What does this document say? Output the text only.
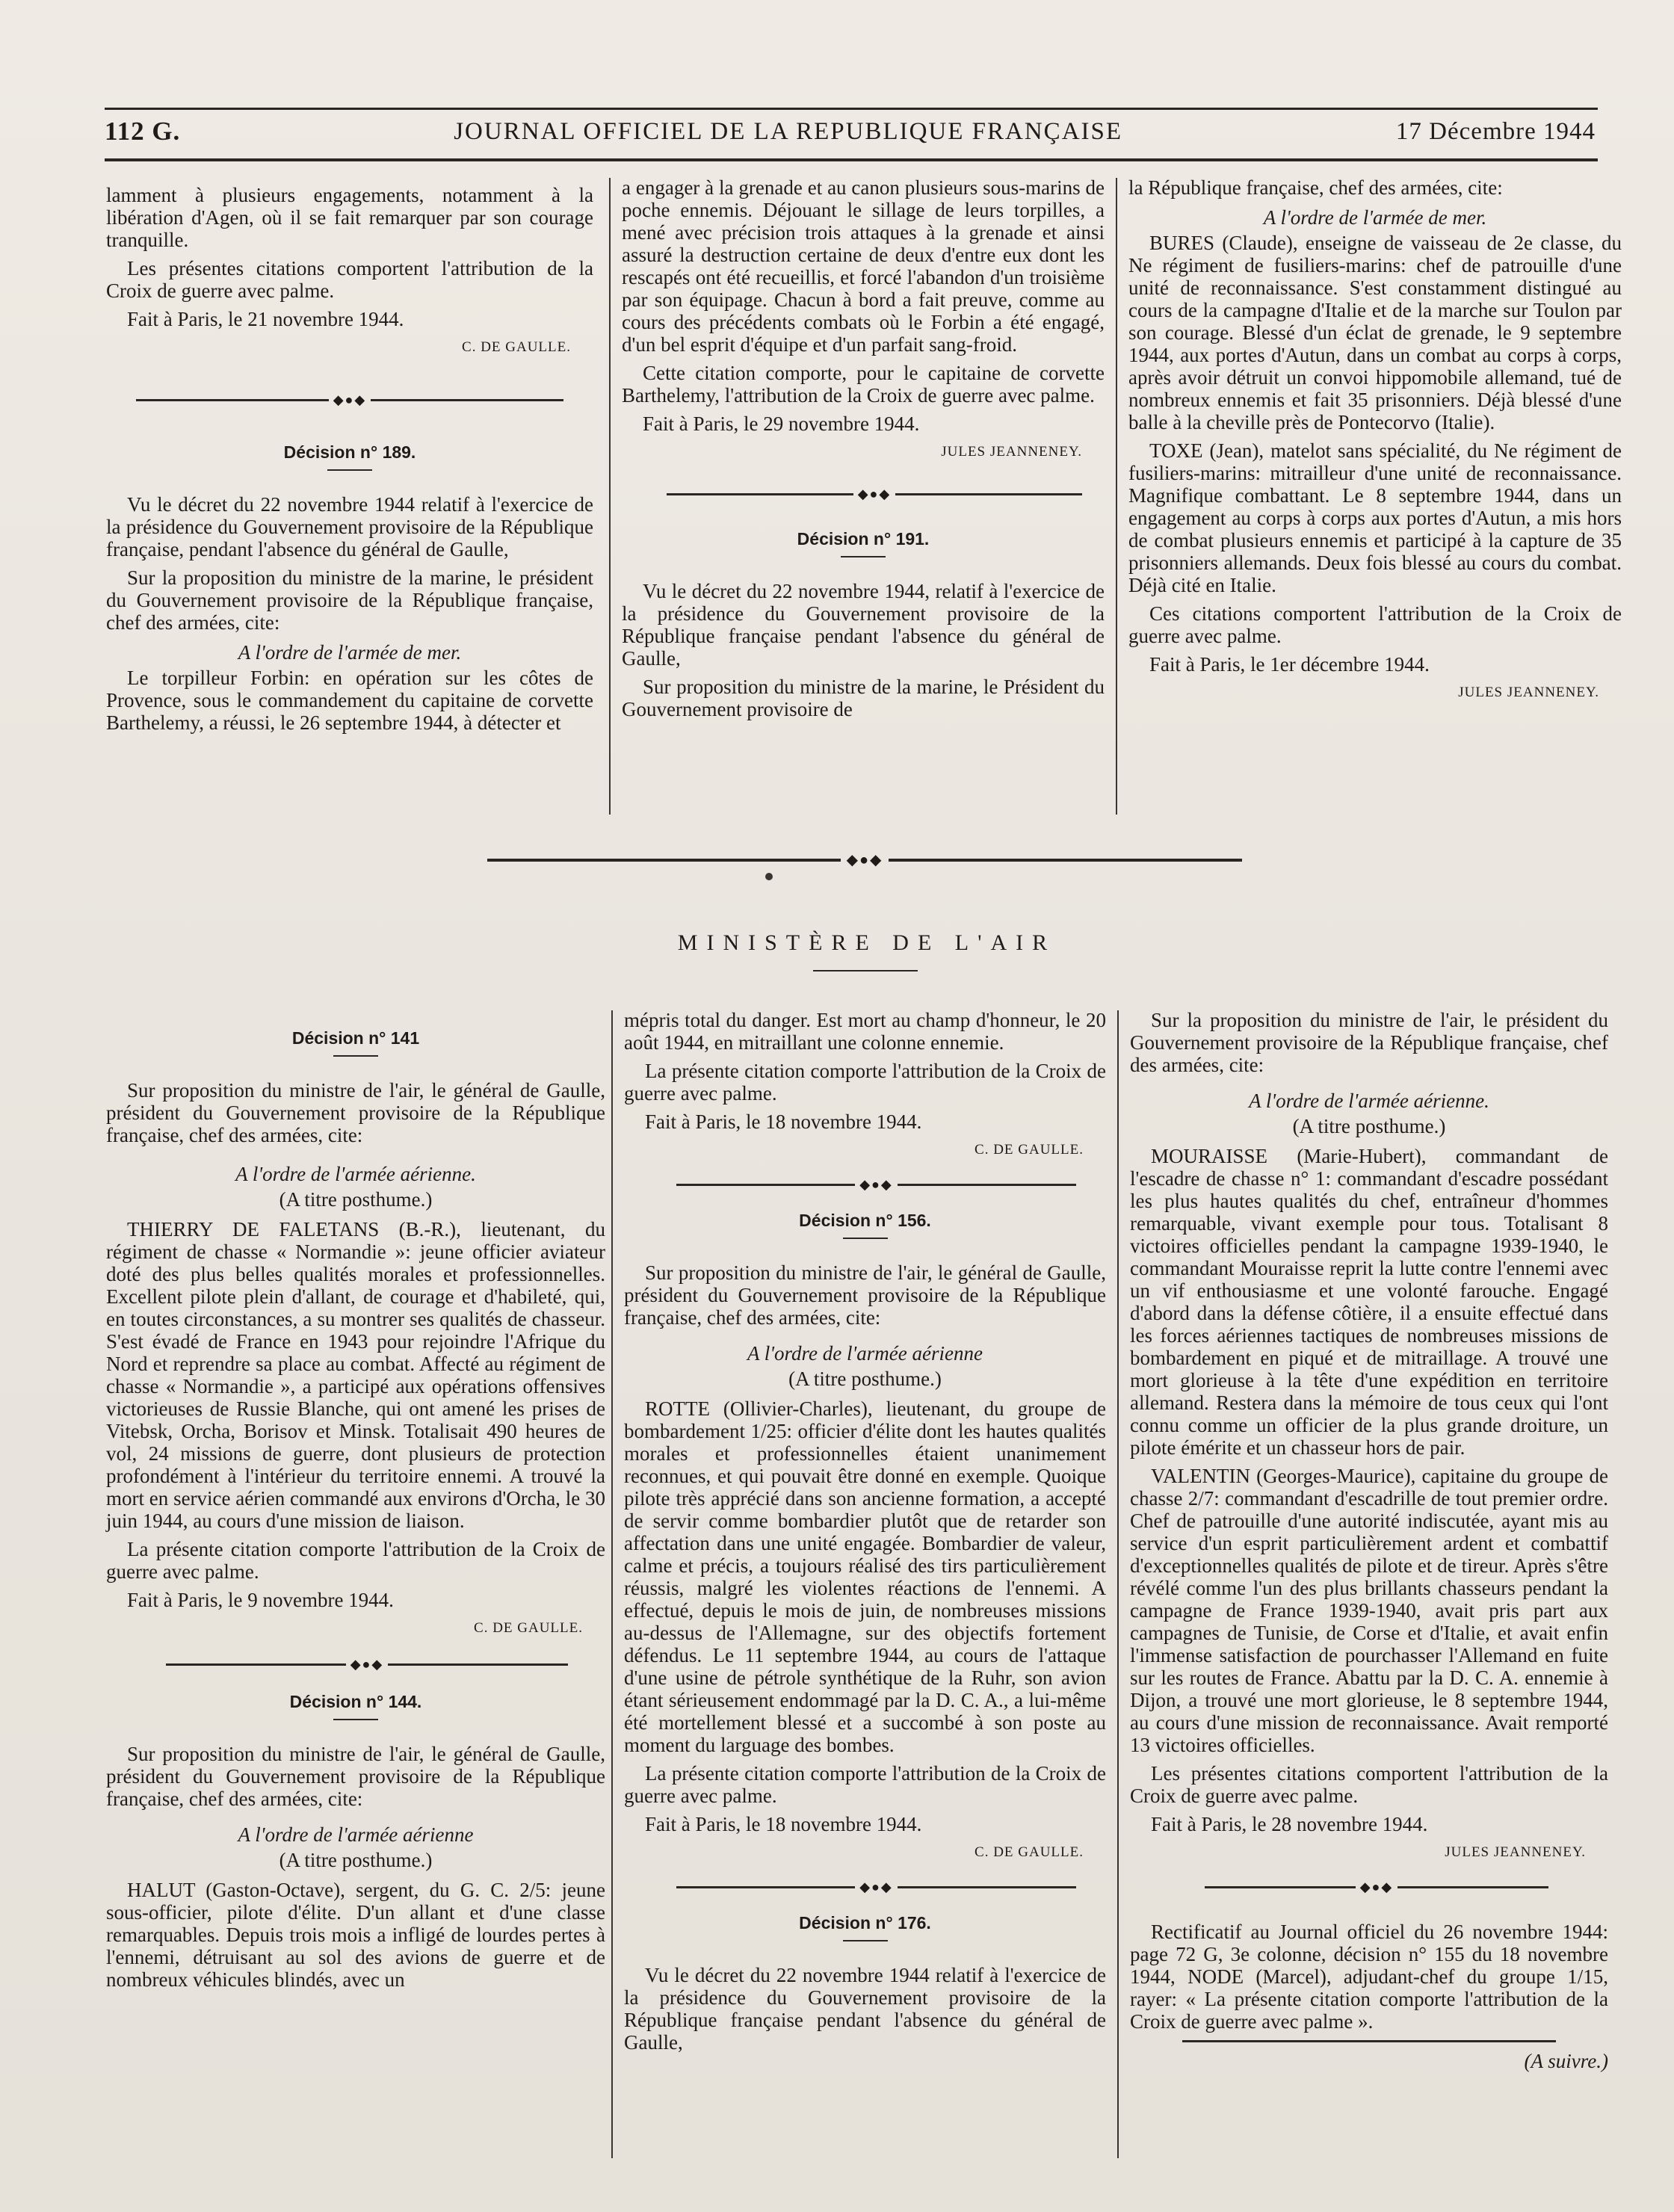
112 G.	JOURNAL OFFICIEL DE LA REPUBLIQUE FRANÇAISE	17 Décembre 1944

lamment à plusieurs engagements, notamment à la libération d'Agen, où il se fait remarquer par son courage tranquille.

Les présentes citations comportent l'attribution de la Croix de guerre avec palme.

Fait à Paris, le 21 novembre 1944.

C. DE GAULLE.
◆●◆
Décision n° 189.

Vu le décret du 22 novembre 1944 relatif à l'exercice de la présidence du Gouvernement provisoire de la République française, pendant l'absence du général de Gaulle,

Sur la proposition du ministre de la marine, le président du Gouvernement provisoire de la République française, chef des armées, cite:

A l'ordre de l'armée de mer.

Le torpilleur Forbin: en opération sur les côtes de Provence, sous le commandement du capitaine de corvette Barthelemy, a réussi, le 26 septembre 1944, à détecter et

a engager à la grenade et au canon plusieurs sous-marins de poche ennemis. Déjouant le sillage de leurs torpilles, a mené avec précision trois attaques à la grenade et ainsi assuré la destruction certaine de deux d'entre eux dont les rescapés ont été recueillis, et forcé l'abandon d'un troisième par son équipage. Chacun à bord a fait preuve, comme au cours des précédents combats où le Forbin a été engagé, d'un bel esprit d'équipe et d'un parfait sang-froid.

Cette citation comporte, pour le capitaine de corvette Barthelemy, l'attribution de la Croix de guerre avec palme.

Fait à Paris, le 29 novembre 1944.

JULES JEANNENEY.
◆●◆
Décision n° 191.

Vu le décret du 22 novembre 1944, relatif à l'exercice de la présidence du Gouvernement provisoire de la République française pendant l'absence du général de Gaulle,

Sur proposition du ministre de la marine, le Président du Gouvernement provisoire de

la République française, chef des armées, cite:

A l'ordre de l'armée de mer.

BURES (Claude), enseigne de vaisseau de 2e classe, du Ne régiment de fusiliers-marins: chef de patrouille d'une unité de reconnaissance. S'est constamment distingué au cours de la campagne d'Italie et de la marche sur Toulon par son courage. Blessé d'un éclat de grenade, le 9 septembre 1944, aux portes d'Autun, dans un combat au corps à corps, après avoir détruit un convoi hippomobile allemand, tué de nombreux ennemis et fait 35 prisonniers. Déjà blessé d'une balle à la cheville près de Pontecorvo (Italie).

TOXE (Jean), matelot sans spécialité, du Ne régiment de fusiliers-marins: mitrailleur d'une unité de reconnaissance. Magnifique combattant. Le 8 septembre 1944, dans un engagement au corps à corps aux portes d'Autun, a mis hors de combat plusieurs ennemis et participé à la capture de 35 prisonniers allemands. Deux fois blessé au cours du combat. Déjà cité en Italie.

Ces citations comportent l'attribution de la Croix de guerre avec palme.

Fait à Paris, le 1er décembre 1944.

JULES JEANNENEY.
◆●◆
MINISTÈRE DE L'AIR
Décision n° 141

Sur proposition du ministre de l'air, le général de Gaulle, président du Gouvernement provisoire de la République française, chef des armées, cite:

A l'ordre de l'armée aérienne.
(A titre posthume.)

THIERRY DE FALETANS (B.-R.), lieutenant, du régiment de chasse « Normandie »: jeune officier aviateur doté des plus belles qualités morales et professionnelles. Excellent pilote plein d'allant, de courage et d'habileté, qui, en toutes circonstances, a su montrer ses qualités de chasseur. S'est évadé de France en 1943 pour rejoindre l'Afrique du Nord et reprendre sa place au combat. Affecté au régiment de chasse « Normandie », a participé aux opérations offensives victorieuses de Russie Blanche, qui ont amené les prises de Vitebsk, Orcha, Borisov et Minsk. Totalisait 490 heures de vol, 24 missions de guerre, dont plusieurs de protection profondément à l'intérieur du territoire ennemi. A trouvé la mort en service aérien commandé aux environs d'Orcha, le 30 juin 1944, au cours d'une mission de liaison.

La présente citation comporte l'attribution de la Croix de guerre avec palme.

Fait à Paris, le 9 novembre 1944.

C. DE GAULLE.
◆●◆
Décision n° 144.

Sur proposition du ministre de l'air, le général de Gaulle, président du Gouvernement provisoire de la République française, chef des armées, cite:

A l'ordre de l'armée aérienne
(A titre posthume.)

HALUT (Gaston-Octave), sergent, du G. C. 2/5: jeune sous-officier, pilote d'élite. D'un allant et d'une classe remarquables. Depuis trois mois a infligé de lourdes pertes à l'ennemi, détruisant au sol des avions de guerre et de nombreux véhicules blindés, avec un

mépris total du danger. Est mort au champ d'honneur, le 20 août 1944, en mitraillant une colonne ennemie.

La présente citation comporte l'attribution de la Croix de guerre avec palme.

Fait à Paris, le 18 novembre 1944.

C. DE GAULLE.
◆●◆
Décision n° 156.

Sur proposition du ministre de l'air, le général de Gaulle, président du Gouvernement provisoire de la République française, chef des armées, cite:

A l'ordre de l'armée aérienne
(A titre posthume.)

ROTTE (Ollivier-Charles), lieutenant, du groupe de bombardement 1/25: officier d'élite dont les hautes qualités morales et professionnelles étaient unanimement reconnues, et qui pouvait être donné en exemple. Quoique pilote très apprécié dans son ancienne formation, a accepté de servir comme bombardier plutôt que de retarder son affectation dans une unité engagée. Bombardier de valeur, calme et précis, a toujours réalisé des tirs particulièrement réussis, malgré les violentes réactions de l'ennemi. A effectué, depuis le mois de juin, de nombreuses missions au-dessus de l'Allemagne, sur des objectifs fortement défendus. Le 11 septembre 1944, au cours de l'attaque d'une usine de pétrole synthétique de la Ruhr, son avion étant sérieusement endommagé par la D. C. A., a lui-même été mortellement blessé et a succombé à son poste au moment du larguage des bombes.

La présente citation comporte l'attribution de la Croix de guerre avec palme.

Fait à Paris, le 18 novembre 1944.

C. DE GAULLE.
◆●◆
Décision n° 176.

Vu le décret du 22 novembre 1944 relatif à l'exercice de la présidence du Gouvernement provisoire de la République française pendant l'absence du général de Gaulle,

Sur la proposition du ministre de l'air, le président du Gouvernement provisoire de la République française, chef des armées, cite:

A l'ordre de l'armée aérienne.
(A titre posthume.)

MOURAISSE (Marie-Hubert), commandant de l'escadre de chasse n° 1: commandant d'escadre possédant les plus hautes qualités du chef, entraîneur d'hommes remarquable, vivant exemple pour tous. Totalisant 8 victoires officielles pendant la campagne 1939-1940, le commandant Mouraisse reprit la lutte contre l'ennemi avec un vif enthousiasme et une volonté farouche. Engagé d'abord dans la défense côtière, il a ensuite effectué dans les forces aériennes tactiques de nombreuses missions de bombardement en piqué et de mitraillage. A trouvé une mort glorieuse à la tête d'une expédition en territoire allemand. Restera dans la mémoire de tous ceux qui l'ont connu comme un officier de la plus grande droiture, un pilote émérite et un chasseur hors de pair.

VALENTIN (Georges-Maurice), capitaine du groupe de chasse 2/7: commandant d'escadrille de tout premier ordre. Chef de patrouille d'une autorité indiscutée, ayant mis au service d'un esprit particulièrement ardent et combattif d'exceptionnelles qualités de pilote et de tireur. Après s'être révélé comme l'un des plus brillants chasseurs pendant la campagne de France 1939-1940, avait pris part aux campagnes de Tunisie, de Corse et d'Italie, et avait enfin l'immense satisfaction de pourchasser l'Allemand en fuite sur les routes de France. Abattu par la D. C. A. ennemie à Dijon, a trouvé une mort glorieuse, le 8 septembre 1944, au cours d'une mission de reconnaissance. Avait remporté 13 victoires officielles.

Les présentes citations comportent l'attribution de la Croix de guerre avec palme.

Fait à Paris, le 28 novembre 1944.

JULES JEANNENEY.
◆●◆

Rectificatif au Journal officiel du 26 novembre 1944: page 72 G, 3e colonne, décision n° 155 du 18 novembre 1944, NODE (Marcel), adjudant-chef du groupe 1/15, rayer: « La présente citation comporte l'attribution de la Croix de guerre avec palme ».

(A suivre.)
